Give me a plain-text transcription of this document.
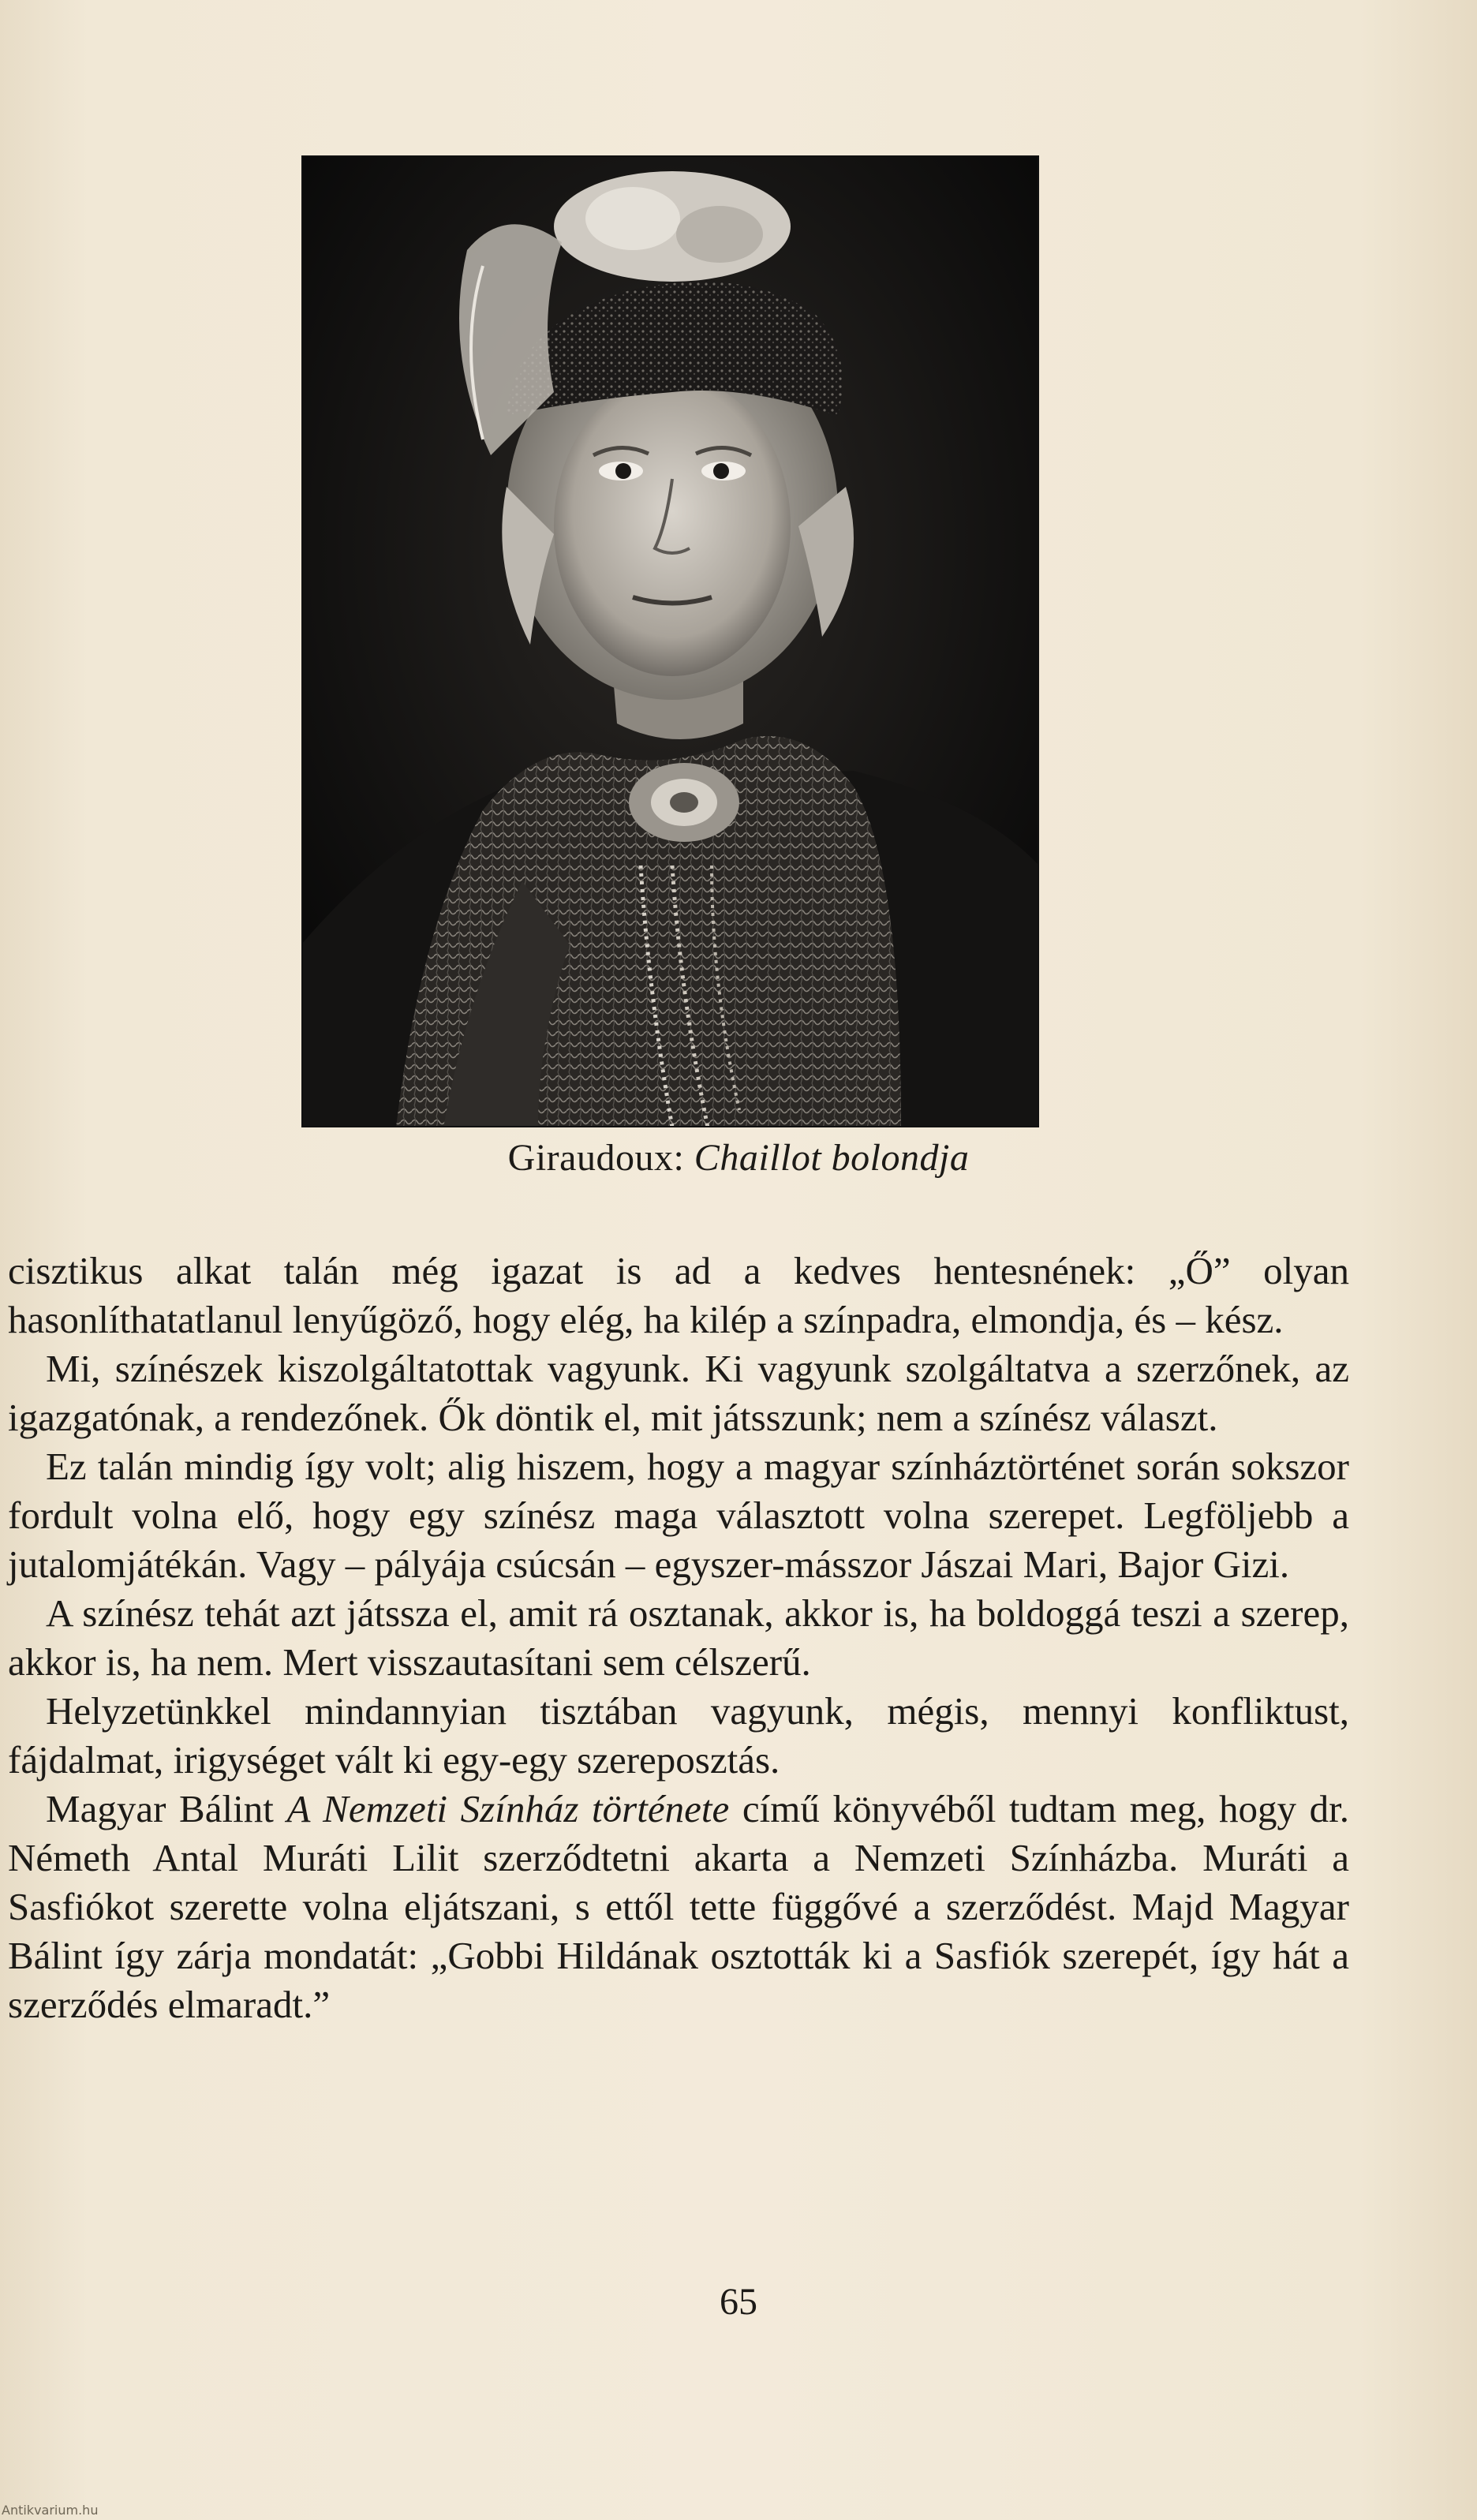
Giraudoux: Chaillot bolondja

cisztikus alkat talán még igazat is ad a kedves hentesnének: „Ő” olyan hasonlíthatatlanul lenyűgöző, hogy elég, ha kilép a színpadra, elmondja, és – kész.

Mi, színészek kiszolgáltatottak vagyunk. Ki vagyunk szolgáltatva a szerzőnek, az igazgatónak, a rendezőnek. Ők döntik el, mit játsszunk; nem a színész választ.

Ez talán mindig így volt; alig hiszem, hogy a magyar színháztörténet során sokszor fordult volna elő, hogy egy színész maga választott volna szerepet. Legföljebb a jutalomjátékán. Vagy – pályája csúcsán – egyszer-másszor Jászai Mari, Bajor Gizi.

A színész tehát azt játssza el, amit rá osztanak, akkor is, ha boldoggá teszi a szerep, akkor is, ha nem. Mert visszautasítani sem célszerű.

Helyzetünkkel mindannyian tisztában vagyunk, mégis, mennyi konfliktust, fájdalmat, irigységet vált ki egy-egy szereposztás.

Magyar Bálint A Nemzeti Színház története című könyvéből tudtam meg, hogy dr. Németh Antal Muráti Lilit szerződtetni akarta a Nemzeti Színházba. Muráti a Sasfiókot szerette volna eljátszani, s ettől tette függővé a szerződést. Majd Magyar Bálint így zárja mondatát: „Gobbi Hildának osztották ki a Sasfiók szerepét, így hát a szerződés elmaradt.”

65
Antikvarium.hu
